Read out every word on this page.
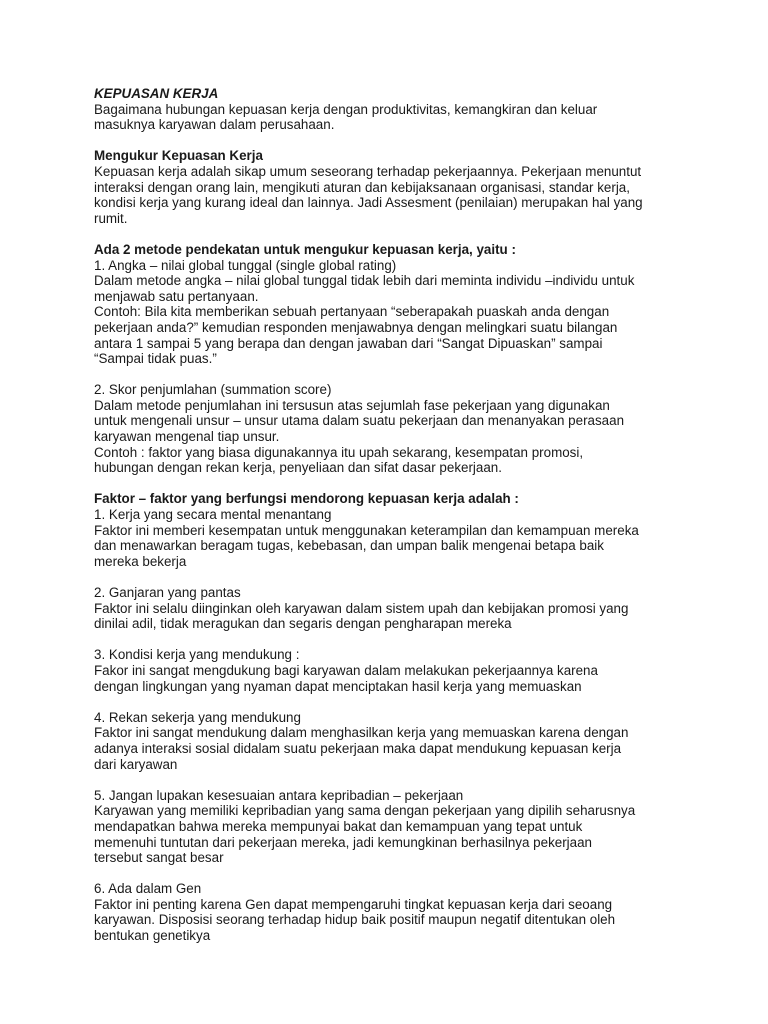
KEPUASAN KERJA
Bagaimana hubungan kepuasan kerja dengan produktivitas, kemangkiran dan keluar
masuknya karyawan dalam perusahaan.
Mengukur Kepuasan Kerja
Kepuasan kerja adalah sikap umum seseorang terhadap pekerjaannya. Pekerjaan menuntut
interaksi dengan orang lain, mengikuti aturan dan kebijaksanaan organisasi, standar kerja,
kondisi kerja yang kurang ideal dan lainnya. Jadi Assesment (penilaian) merupakan hal yang
rumit.
Ada 2 metode pendekatan untuk mengukur kepuasan kerja, yaitu :
1. Angka – nilai global tunggal (single global rating)
Dalam metode angka – nilai global tunggal tidak lebih dari meminta individu –individu untuk
menjawab satu pertanyaan.
Contoh: Bila kita memberikan sebuah pertanyaan “seberapakah puaskah anda dengan
pekerjaan anda?” kemudian responden menjawabnya dengan melingkari suatu bilangan
antara 1 sampai 5 yang berapa dan dengan jawaban dari “Sangat Dipuaskan” sampai
“Sampai tidak puas.”
2. Skor penjumlahan (summation score)
Dalam metode penjumlahan ini tersusun atas sejumlah fase pekerjaan yang digunakan
untuk mengenali unsur – unsur utama dalam suatu pekerjaan dan menanyakan perasaan
karyawan mengenal tiap unsur.
Contoh : faktor yang biasa digunakannya itu upah sekarang, kesempatan promosi,
hubungan dengan rekan kerja, penyeliaan dan sifat dasar pekerjaan.
Faktor – faktor yang berfungsi mendorong kepuasan kerja adalah :
1. Kerja yang secara mental menantang
Faktor ini memberi kesempatan untuk menggunakan keterampilan dan kemampuan mereka
dan menawarkan beragam tugas, kebebasan, dan umpan balik mengenai betapa baik
mereka bekerja
2. Ganjaran yang pantas
Faktor ini selalu diinginkan oleh karyawan dalam sistem upah dan kebijakan promosi yang
dinilai adil, tidak meragukan dan segaris dengan pengharapan mereka
3. Kondisi kerja yang mendukung :
Fakor ini sangat mengdukung bagi karyawan dalam melakukan pekerjaannya karena
dengan lingkungan yang nyaman dapat menciptakan hasil kerja yang memuaskan
4. Rekan sekerja yang mendukung
Faktor ini sangat mendukung dalam menghasilkan kerja yang memuaskan karena dengan
adanya interaksi sosial didalam suatu pekerjaan maka dapat mendukung kepuasan kerja
dari karyawan
5. Jangan lupakan kesesuaian antara kepribadian – pekerjaan
Karyawan yang memiliki kepribadian yang sama dengan pekerjaan yang dipilih seharusnya
mendapatkan bahwa mereka mempunyai bakat dan kemampuan yang tepat untuk
memenuhi tuntutan dari pekerjaan mereka, jadi kemungkinan berhasilnya pekerjaan
tersebut sangat besar
6. Ada dalam Gen
Faktor ini penting karena Gen dapat mempengaruhi tingkat kepuasan kerja dari seoang
karyawan. Disposisi seorang terhadap hidup baik positif maupun negatif ditentukan oleh
bentukan genetikya
